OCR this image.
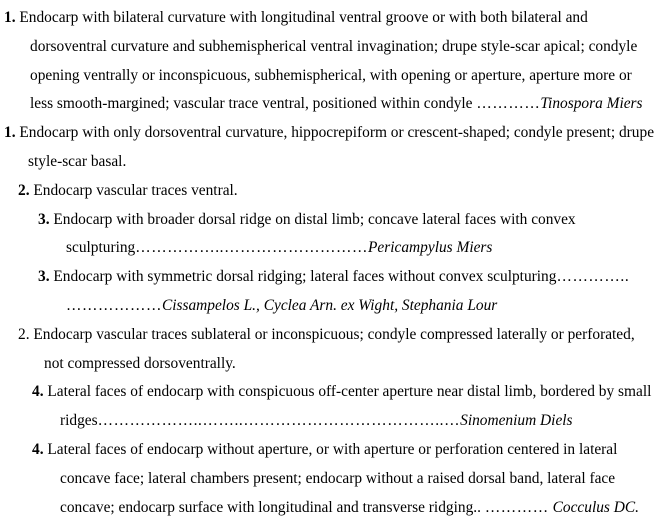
1. Endocarp with bilateral curvature with longitudinal ventral groove or with both bilateral and dorsoventral curvature and subhemispherical ventral invagination; drupe style-scar apical; condyle opening ventrally or inconspicuous, subhemispherical, with opening or aperture, aperture more or less smooth-margined; vascular trace ventral, positioned within condyle …………Tinospora Miers

1. Endocarp with only dorsoventral curvature, hippocrepiform or crescent-shaped; condyle present; drupe style-scar basal.

2. Endocarp vascular traces ventral.

3. Endocarp with broader dorsal ridge on distal limb; concave lateral faces with convex sculpturing……………..………………………Pericampylus Miers

3. Endocarp with symmetric dorsal ridging; lateral faces without convex sculpturing………….. ………………Cissampelos L., Cyclea Arn. ex Wight, Stephania Lour

2. Endocarp vascular traces sublateral or inconspicuous; condyle compressed laterally or perforated, not compressed dorsoventrally.

4. Lateral faces of endocarp with conspicuous off-center aperture near distal limb, bordered by small ridges………………..……..………………………………..…Sinomenium Diels

4. Lateral faces of endocarp without aperture, or with aperture or perforation centered in lateral concave face; lateral chambers present; endocarp without a raised dorsal band, lateral face concave; endocarp surface with longitudinal and transverse ridging.. ………… Cocculus DC.
